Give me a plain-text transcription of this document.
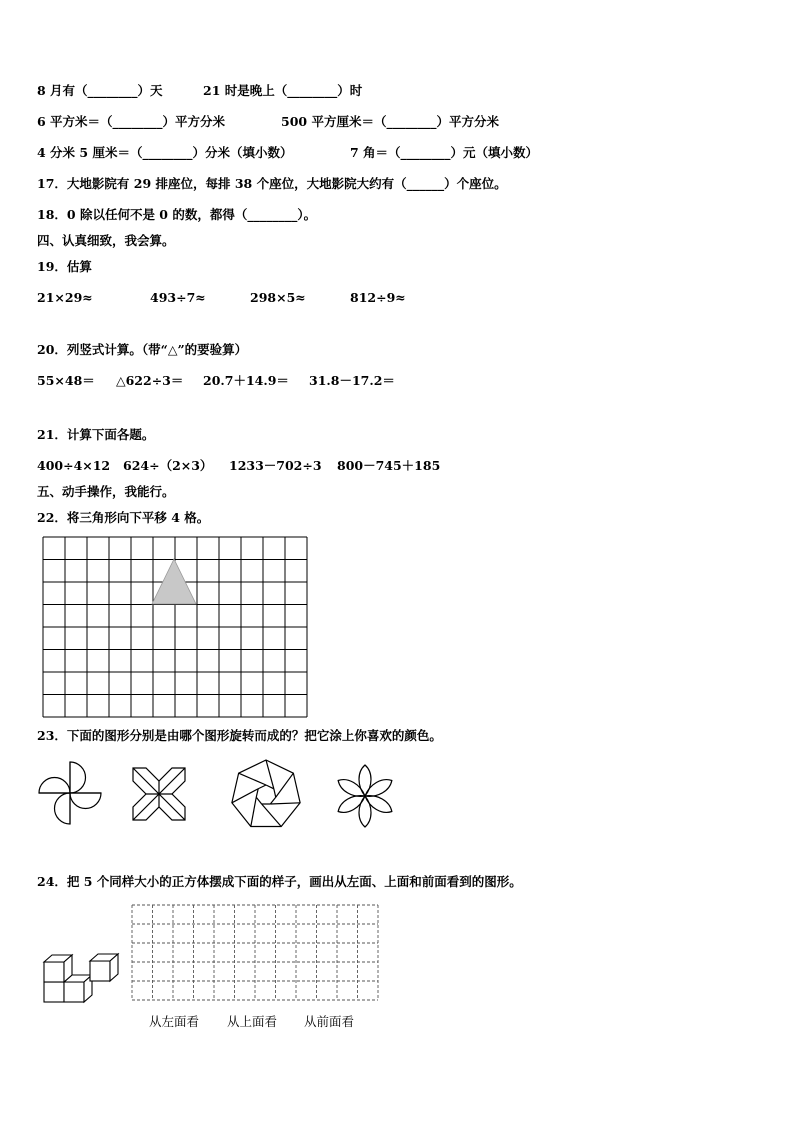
8 月有（________）天	21 时是晚上（________）时
6 平方米＝（________）平方分米	500 平方厘米＝（________）平方分米
4 分米 5 厘米＝（________）分米（填小数）	7 角＝（________）元（填小数）
17．大地影院有 29 排座位，每排 38 个座位，大地影院大约有（______）个座位。
18．0 除以任何不是 0 的数，都得（________）。
四、认真细致，我会算。
19．估算
21×29≈	493÷7≈	298×5≈	812÷9≈
20．列竖式计算。（带“△”的要验算）
55×48＝ △622÷3＝ 20.7＋14.9＝ 31.8－17.2＝
21．计算下面各题。
400÷4×12 624÷（2×3） 1233－702÷3 800－745＋185
五、动手操作，我能行。
22．将三角形向下平移 4 格。
23．下面的图形分别是由哪个图形旋转而成的？把它涂上你喜欢的颜色。
24．把 5 个同样大小的正方体摆成下面的样子，画出从左面、上面和前面看到的图形。
从左面看 从上面看 从前面看
